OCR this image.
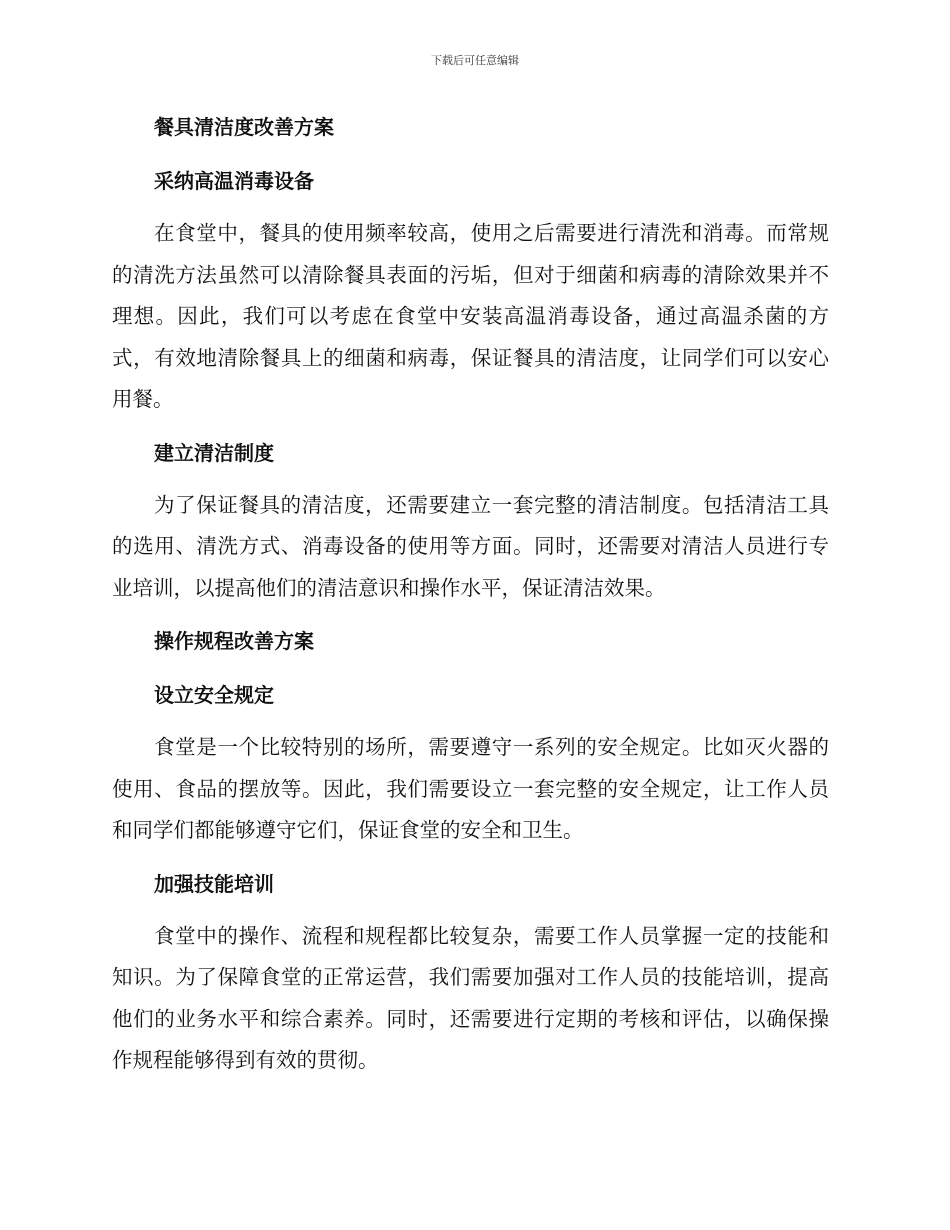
下载后可任意编辑
餐具清洁度改善方案
采纳高温消毒设备

在食堂中，餐具的使用频率较高，使用之后需要进行清洗和消毒。而常规的清洗方法虽然可以清除餐具表面的污垢，但对于细菌和病毒的清除效果并不理想。因此，我们可以考虑在食堂中安装高温消毒设备，通过高温杀菌的方式，有效地清除餐具上的细菌和病毒，保证餐具的清洁度，让同学们可以安心用餐。

建立清洁制度

为了保证餐具的清洁度，还需要建立一套完整的清洁制度。包括清洁工具的选用、清洗方式、消毒设备的使用等方面。同时，还需要对清洁人员进行专业培训，以提高他们的清洁意识和操作水平，保证清洁效果。

操作规程改善方案
设立安全规定

食堂是一个比较特别的场所，需要遵守一系列的安全规定。比如灭火器的使用、食品的摆放等。因此，我们需要设立一套完整的安全规定，让工作人员和同学们都能够遵守它们，保证食堂的安全和卫生。

加强技能培训

食堂中的操作、流程和规程都比较复杂，需要工作人员掌握一定的技能和知识。为了保障食堂的正常运营，我们需要加强对工作人员的技能培训，提高他们的业务水平和综合素养。同时，还需要进行定期的考核和评估，以确保操作规程能够得到有效的贯彻。
